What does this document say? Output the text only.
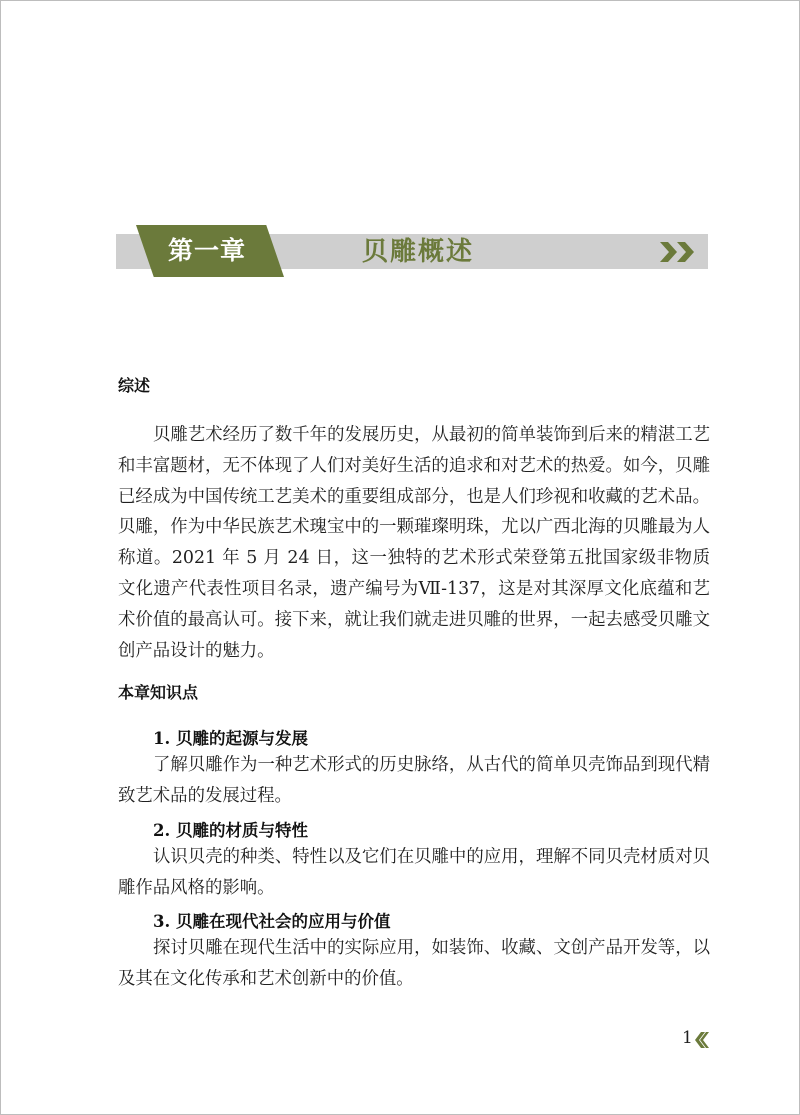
第一章	贝雕概述
综述

贝雕艺术经历了数千年的发展历史，从最初的简单装饰到后来的精湛工艺和丰富题材，无不体现了人们对美好生活的追求和对艺术的热爱。如今，贝雕已经成为中国传统工艺美术的重要组成部分，也是人们珍视和收藏的艺术品。贝雕，作为中华民族艺术瑰宝中的一颗璀璨明珠，尤以广西北海的贝雕最为人称道。2021 年 5 月 24 日，这一独特的艺术形式荣登第五批国家级非物质文化遗产代表性项目名录，遗产编号为Ⅶ-137，这是对其深厚文化底蕴和艺术价值的最高认可。接下来，就让我们就走进贝雕的世界，一起去感受贝雕文创产品设计的魅力。

本章知识点
1. 贝雕的起源与发展

了解贝雕作为一种艺术形式的历史脉络，从古代的简单贝壳饰品到现代精致艺术品的发展过程。

2. 贝雕的材质与特性

认识贝壳的种类、特性以及它们在贝雕中的应用，理解不同贝壳材质对贝雕作品风格的影响。

3. 贝雕在现代社会的应用与价值

探讨贝雕在现代生活中的实际应用，如装饰、收藏、文创产品开发等，以及其在文化传承和艺术创新中的价值。

1
